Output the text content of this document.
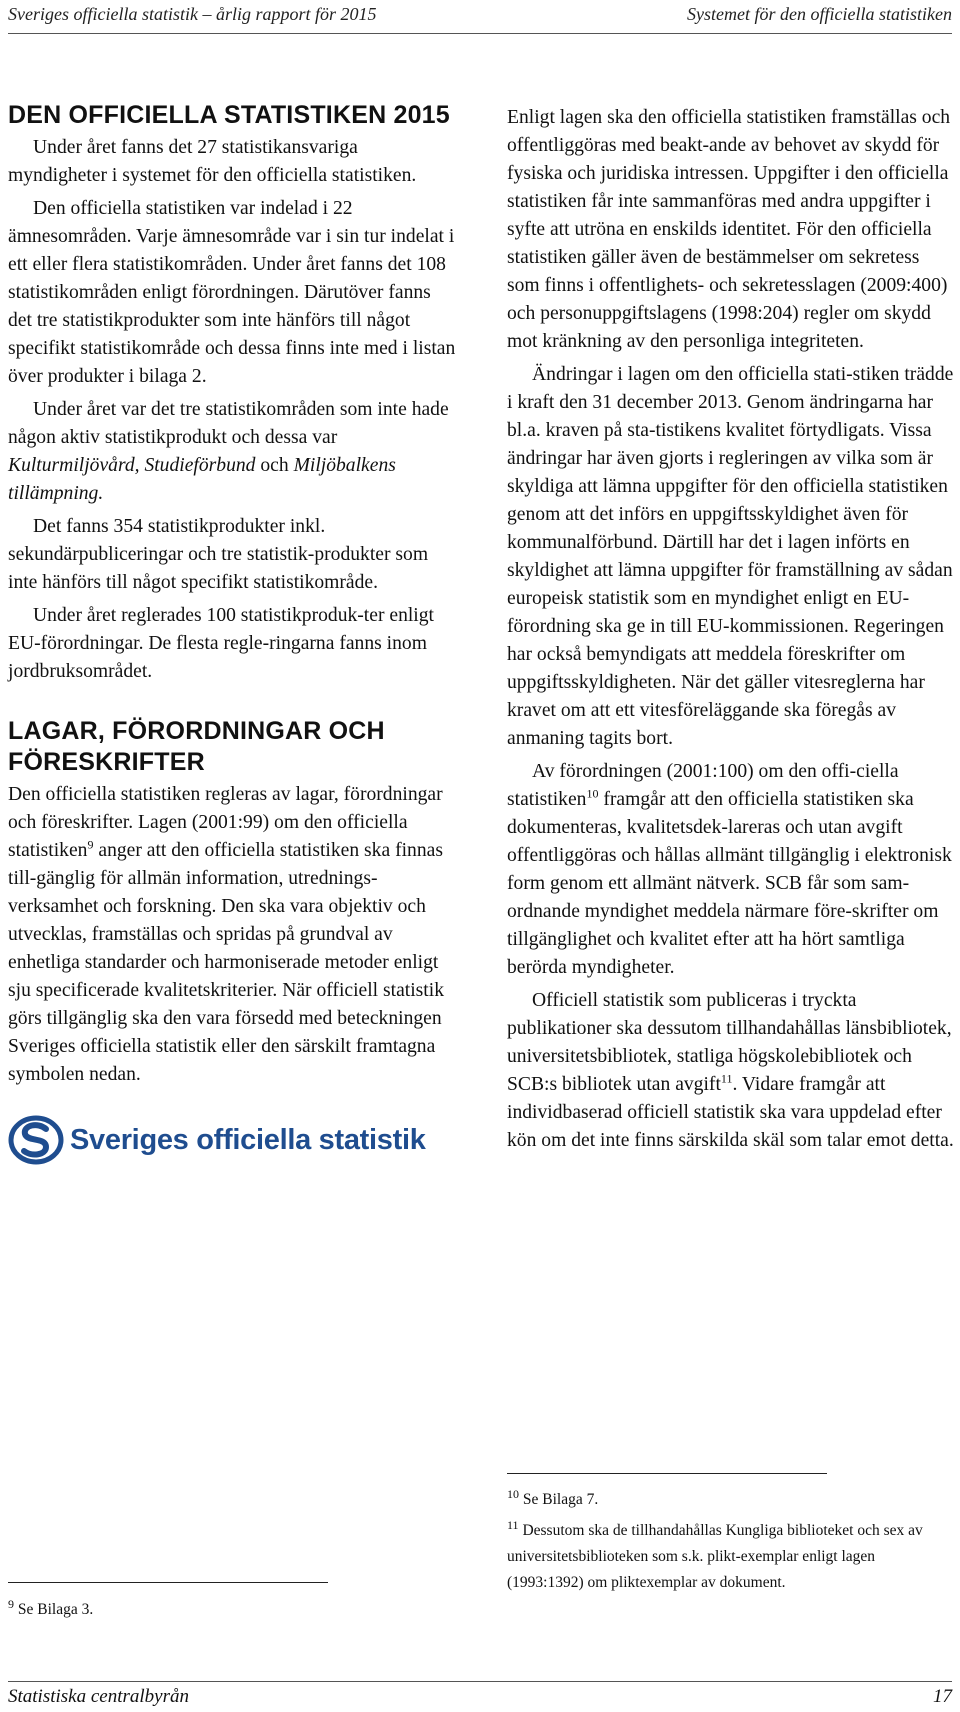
Sveriges officiella statistik – årlig rapport för 2015	Systemet för den officiella statistiken
DEN OFFICIELLA STATISTIKEN 2015

Under året fanns det 27 statistikansvariga myndigheter i systemet för den officiella statistiken.

Den officiella statistiken var indelad i 22 ämnesområden. Varje ämnesområde var i sin tur indelat i ett eller flera statistikområden. Under året fanns det 108 statistikområden enligt förordningen. Därutöver fanns det tre statistikprodukter som inte hänförs till något specifikt statistikområde och dessa finns inte med i listan över produkter i bilaga 2.

Under året var det tre statistikområden som inte hade någon aktiv statistikprodukt och dessa var Kulturmiljövård, Studieförbund och Miljöbalkens tillämpning.

Det fanns 354 statistikprodukter inkl. sekundärpubliceringar och tre statistik-produkter som inte hänförs till något specifikt statistikområde.

Under året reglerades 100 statistikproduk-ter enligt EU-förordningar. De flesta regle-ringarna fanns inom jordbruksområdet.

LAGAR, FÖRORDNINGAR OCH FÖRESKRIFTER

Den officiella statistiken regleras av lagar, förordningar och föreskrifter. Lagen (2001:99) om den officiella statistiken$^9$ anger att den officiella statistiken ska finnas till-gänglig för allmän information, utrednings-verksamhet och forskning. Den ska vara objektiv och utvecklas, framställas och spridas på grundval av enhetliga standarder och harmoniserade metoder enligt sju specificerade kvalitetskriterier. När officiell statistik görs tillgänglig ska den vara försedd med beteckningen Sveriges officiella statistik eller den särskilt framtagna symbolen nedan.

Sveriges officiella statistik

Enligt lagen ska den officiella statistiken framställas och offentliggöras med beakt-ande av behovet av skydd för fysiska och juridiska intressen. Uppgifter i den officiella statistiken får inte sammanföras med andra uppgifter i syfte att utröna en enskilds identitet. För den officiella statistiken gäller även de bestämmelser om sekretess som finns i offentlighets- och sekretesslagen (2009:400) och personuppgiftslagens (1998:204) regler om skydd mot kränkning av den personliga integriteten.

Ändringar i lagen om den officiella stati-stiken trädde i kraft den 31 december 2013. Genom ändringarna har bl.a. kraven på sta-tistikens kvalitet förtydligats. Vissa ändringar har även gjorts i regleringen av vilka som är skyldiga att lämna uppgifter för den officiella statistiken genom att det införs en uppgiftsskyldighet även för kommunalförbund. Därtill har det i lagen införts en skyldighet att lämna uppgifter för framställning av sådan europeisk statistik som en myndighet enligt en EU-förordning ska ge in till EU-kommissionen. Regeringen har också bemyndigats att meddela föreskrifter om uppgiftsskyldigheten. När det gäller vitesreglerna har kravet om att ett vitesföreläggande ska föregås av anmaning tagits bort.

Av förordningen (2001:100) om den offi-ciella statistiken$^{10}$ framgår att den officiella statistiken ska dokumenteras, kvalitetsdek-lareras och utan avgift offentliggöras och hållas allmänt tillgänglig i elektronisk form genom ett allmänt nätverk. SCB får som sam-ordnande myndighet meddela närmare före-skrifter om tillgänglighet och kvalitet efter att ha hört samtliga berörda myndigheter.

Officiell statistik som publiceras i tryckta publikationer ska dessutom tillhandahållas länsbibliotek, universitetsbibliotek, statliga högskolebibliotek och SCB:s bibliotek utan avgift$^{11}$. Vidare framgår att individbaserad officiell statistik ska vara uppdelad efter kön om det inte finns särskilda skäl som talar emot detta.

$^9$ Se Bilaga 3.
$^{10}$ Se Bilaga 7.
$^{11}$ Dessutom ska de tillhandahållas Kungliga biblioteket och sex av universitetsbiblioteken som s.k. plikt-exemplar enligt lagen (1993:1392) om pliktexemplar av dokument.
Statistiska centralbyrån	17
